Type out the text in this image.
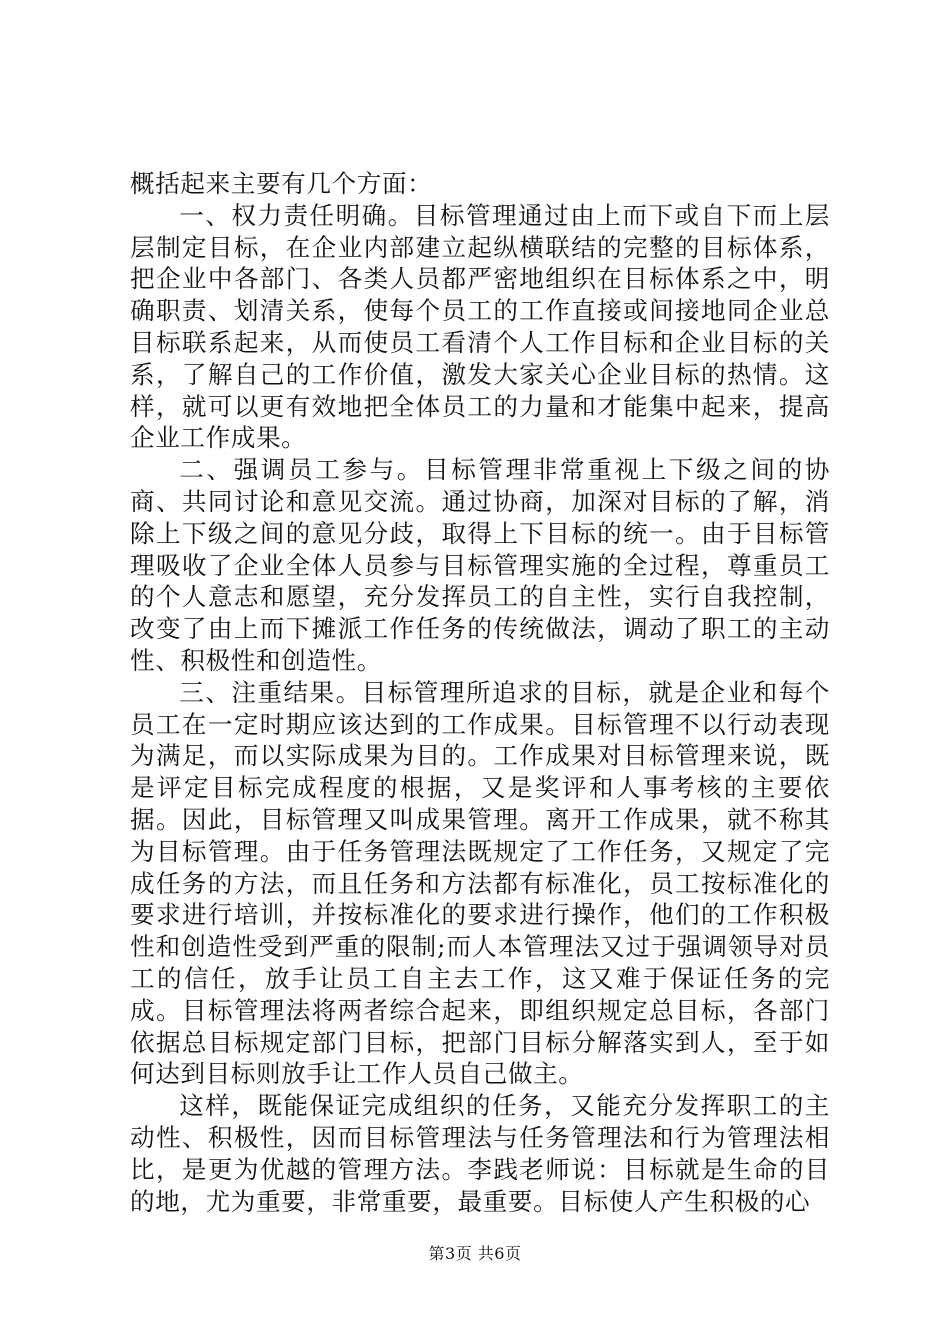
概括起来主要有几个方面：

一、权力责任明确。目标管理通过由上而下或自下而上层层制定目标，在企业内部建立起纵横联结的完整的目标体系，把企业中各部门、各类人员都严密地组织在目标体系之中，明确职责、划清关系，使每个员工的工作直接或间接地同企业总目标联系起来，从而使员工看清个人工作目标和企业目标的关系，了解自己的工作价值，激发大家关心企业目标的热情。这样，就可以更有效地把全体员工的力量和才能集中起来，提高企业工作成果。

二、强调员工参与。目标管理非常重视上下级之间的协商、共同讨论和意见交流。通过协商，加深对目标的了解，消除上下级之间的意见分歧，取得上下目标的统一。由于目标管理吸收了企业全体人员参与目标管理实施的全过程，尊重员工的个人意志和愿望，充分发挥员工的自主性，实行自我控制，改变了由上而下摊派工作任务的传统做法，调动了职工的主动性、积极性和创造性。

三、注重结果。目标管理所追求的目标，就是企业和每个员工在一定时期应该达到的工作成果。目标管理不以行动表现为满足，而以实际成果为目的。工作成果对目标管理来说，既是评定目标完成程度的根据，又是奖评和人事考核的主要依据。因此，目标管理又叫成果管理。离开工作成果，就不称其为目标管理。由于任务管理法既规定了工作任务，又规定了完成任务的方法，而且任务和方法都有标准化，员工按标准化的要求进行培训，并按标准化的要求进行操作，他们的工作积极性和创造性受到严重的限制;而人本管理法又过于强调领导对员工的信任，放手让员工自主去工作，这又难于保证任务的完成。目标管理法将两者综合起来，即组织规定总目标，各部门依据总目标规定部门目标，把部门目标分解落实到人，至于如何达到目标则放手让工作人员自己做主。

这样，既能保证完成组织的任务，又能充分发挥职工的主动性、积极性，因而目标管理法与任务管理法和行为管理法相比，是更为优越的管理方法。李践老师说：目标就是生命的目的地，尤为重要，非常重要，最重要。目标使人产生积极的心

第3页 共6页
